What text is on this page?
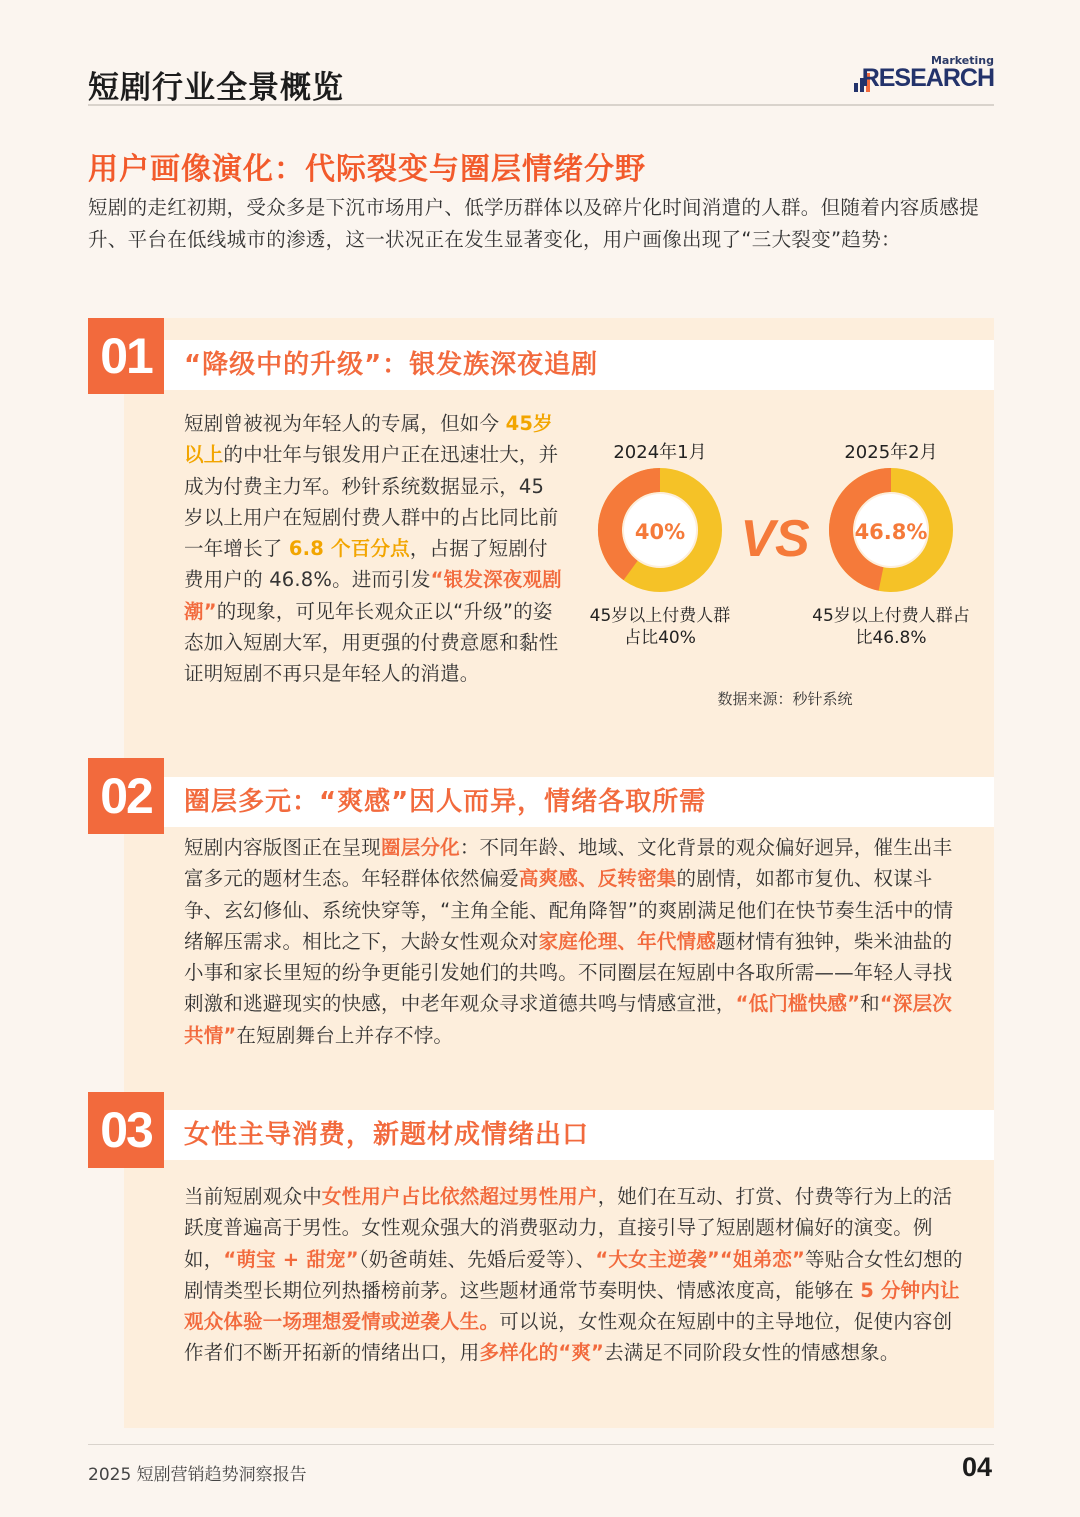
短剧行业全景概览
Marketing
RESEARCH
用户画像演化：代际裂变与圈层情绪分野
短剧的走红初期，受众多是下沉市场用户、低学历群体以及碎片化时间消遣的人群。但随着内容质感提升、平台在低线城市的渗透，这一状况正在发生显著变化，用户画像出现了“三大裂变”趋势：
01	“降级中的升级”：银发族深夜追剧
短剧曾被视为年轻人的专属，但如今 45岁以上的中壮年与银发用户正在迅速壮大，并成为付费主力军。秒针系统数据显示，45 岁以上用户在短剧付费人群中的占比同比前一年增长了 6.8 个百分点，占据了短剧付费用户的 46.8%。进而引发“银发深夜观剧潮”的现象，可见年长观众正以“升级”的姿态加入短剧大军，用更强的付费意愿和黏性证明短剧不再只是年轻人的消遣。
2024年1月	2025年2月
40%	46.8%
VS
45岁以上付费人群
占比40%
45岁以上付费人群占
比46.8%
数据来源：秒针系统
02	圈层多元：“爽感”因人而异，情绪各取所需
短剧内容版图正在呈现圈层分化：不同年龄、地域、文化背景的观众偏好迥异，催生出丰富多元的题材生态。年轻群体依然偏爱高爽感、反转密集的剧情，如都市复仇、权谋斗争、玄幻修仙、系统快穿等，“主角全能、配角降智”的爽剧满足他们在快节奏生活中的情绪解压需求。相比之下，大龄女性观众对家庭伦理、年代情感题材情有独钟，柴米油盐的小事和家长里短的纷争更能引发她们的共鸣。不同圈层在短剧中各取所需——年轻人寻找刺激和逃避现实的快感，中老年观众寻求道德共鸣与情感宣泄，“低门槛快感”和“深层次共情”在短剧舞台上并存不悖。
03	女性主导消费，新题材成情绪出口
当前短剧观众中女性用户占比依然超过男性用户，她们在互动、打赏、付费等行为上的活跃度普遍高于男性。女性观众强大的消费驱动力，直接引导了短剧题材偏好的演变。例如，“萌宝 + 甜宠”（奶爸萌娃、先婚后爱等）、“大女主逆袭”“姐弟恋”等贴合女性幻想的剧情类型长期位列热播榜前茅。这些题材通常节奏明快、情感浓度高，能够在 5 分钟内让观众体验一场理想爱情或逆袭人生。可以说，女性观众在短剧中的主导地位，促使内容创作者们不断开拓新的情绪出口，用多样化的“爽”去满足不同阶段女性的情感想象。
2025 短剧营销趋势洞察报告	04
